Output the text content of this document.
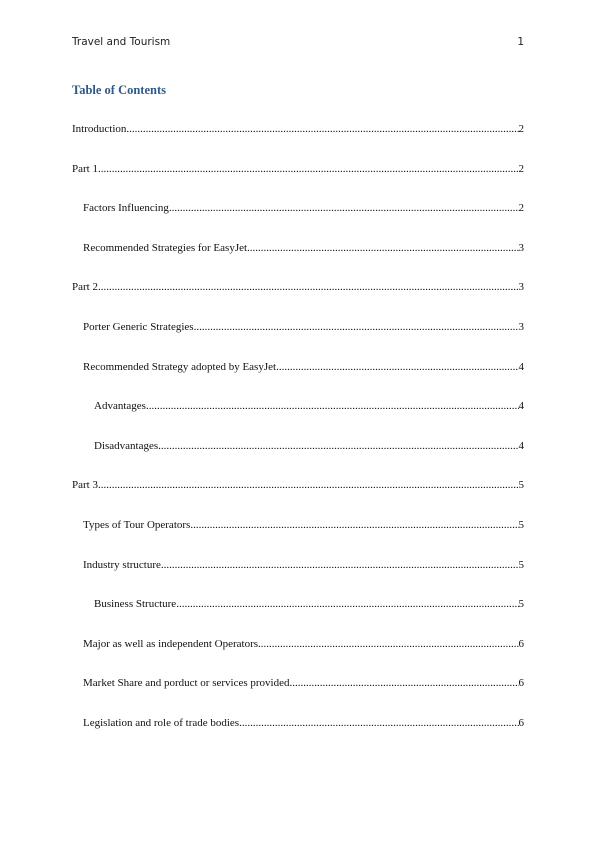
Travel and Tourism	1
Table of Contents
Introduction .....	2
Part 1 .....	2
Factors Influencing .....	2
Recommended Strategies for EasyJet .....	3
Part 2 .....	3
Porter Generic Strategies .....	3
Recommended Strategy adopted by EasyJet .....	4
Advantages .....	4
Disadvantages .....	4
Part 3 .....	5
Types of Tour Operators .....	5
Industry structure .....	5
Business Structure .....	5
Major as well as independent Operators .....	6
Market Share and porduct or services provided .....	6
Legislation and role of trade bodies .....	6
